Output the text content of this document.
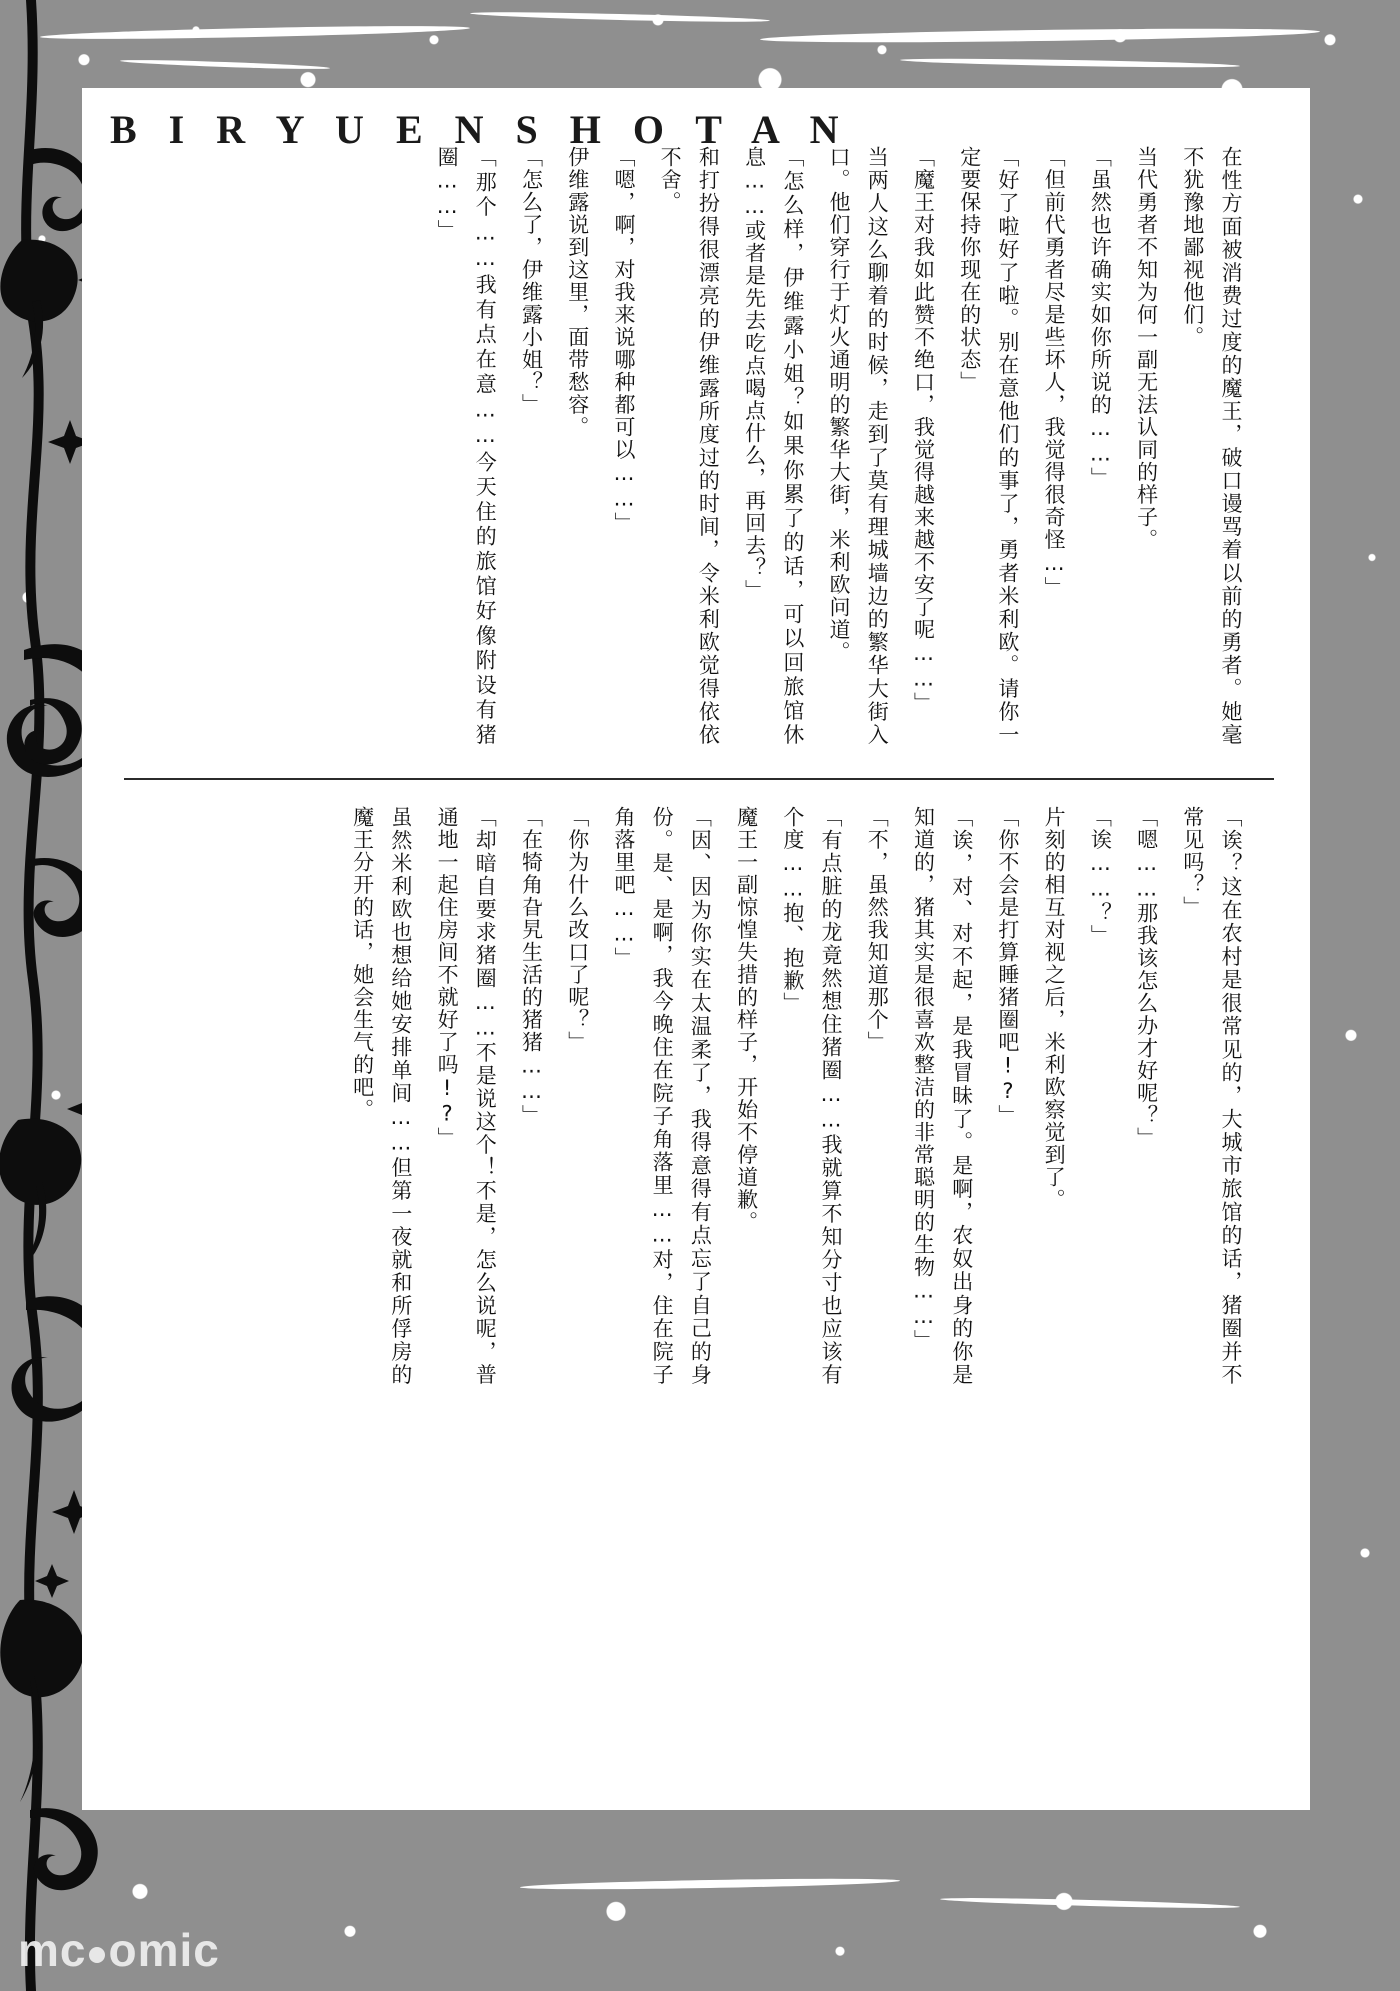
B I R Y U E N S H O T A N

在性方面被消费过度的魔王，破口谩骂着以前的勇者。她毫不犹豫地鄙视他们。

当代勇者不知为何一副无法认同的样子。

「虽然也许确实如你所说的……」

「但前代勇者尽是些坏人，我觉得很奇怪…」

「好了啦好了啦。别在意他们的事了，勇者米利欧。请你一定要保持你现在的状态」

「魔王对我如此赞不绝口，我觉得越来越不安了呢……」

当两人这么聊着的时候，走到了莫有理城墙边的繁华大街入口。他们穿行于灯火通明的繁华大街，米利欧问道。

「怎么样，伊维露小姐？如果你累了的话，可以回旅馆休息……或者是先去吃点喝点什么，再回去？」

和打扮得很漂亮的伊维露所度过的时间，令米利欧觉得依依不舍。

「嗯，啊，对我来说哪种都可以……」

伊维露说到这里，面带愁容。

「怎么了，伊维露小姐？」

「那个……我有点在意……今天住的旅馆好像附设有猪圈……」

「诶？这在农村是很常见的，大城市旅馆的话，猪圈并不常见吗？」

「嗯……那我该怎么办才好呢？」

「诶……？」

片刻的相互对视之后，米利欧察觉到了。

「你不会是打算睡猪圈吧!?」

「诶，对、对不起，是我冒昧了。是啊，农奴出身的你是知道的，猪其实是很喜欢整洁的非常聪明的生物……」

「不，虽然我知道那个」

「有点脏的龙竟然想住猪圈……我就算不知分寸也应该有个度……抱、抱歉」

魔王一副惊惶失措的样子，开始不停道歉。

「因、因为你实在太温柔了，我得意得有点忘了自己的身份。是、是啊，我今晚住在院子角落里……对，住在院子角落里吧……」

「你为什么改口了呢？」

「在犄角旮旯生活的猪猪……」

「却暗自要求猪圈……不是说这个！不是，怎么说呢，普通地一起住房间不就好了吗!?」

虽然米利欧也想给她安排单间……但第一夜就和所俘房的魔王分开的话，她会生气的吧。

mc omic
